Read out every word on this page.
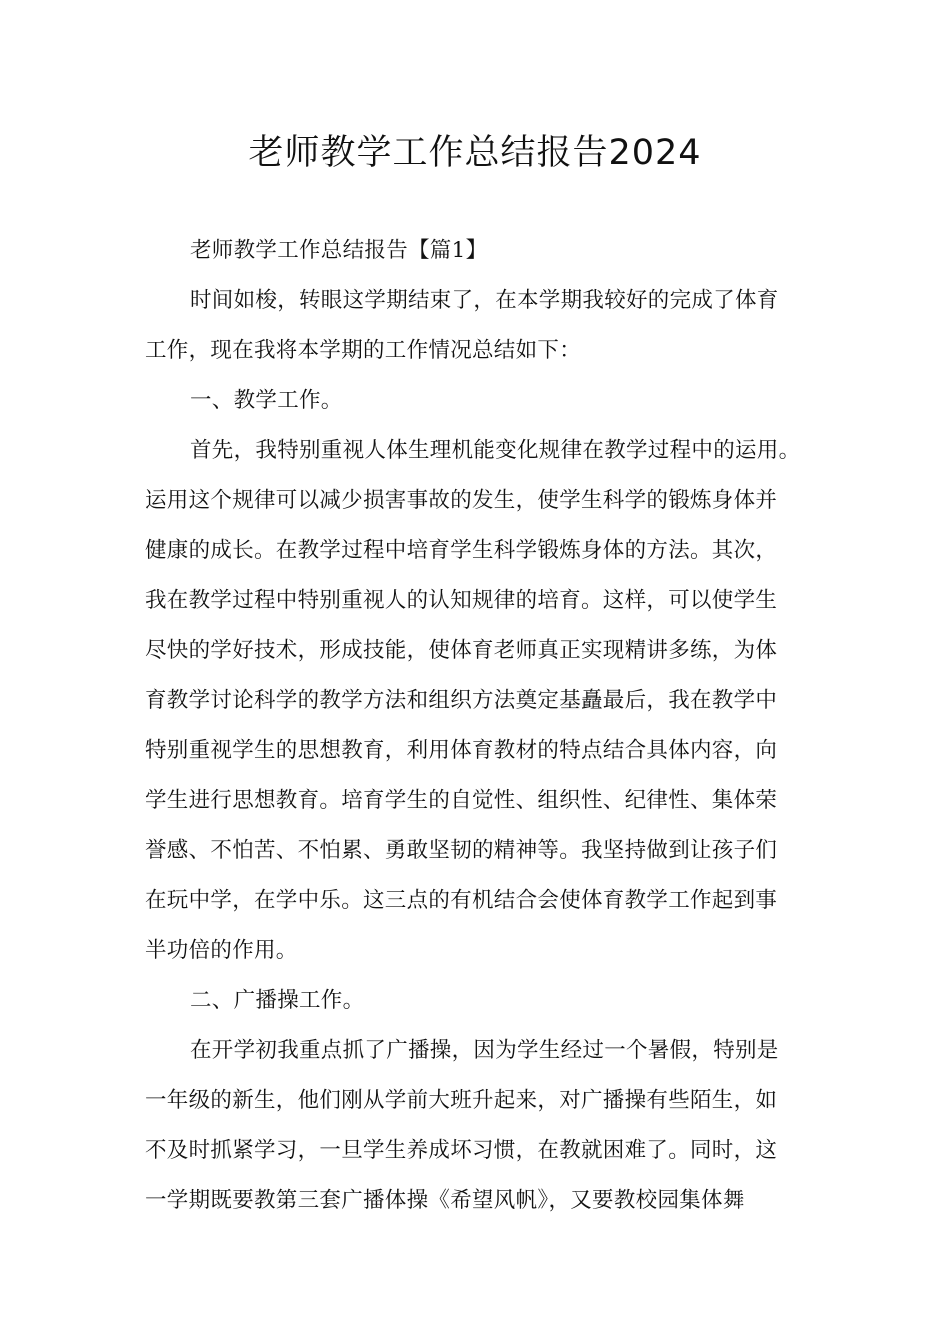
老师教学工作总结报告2024
老师教学工作总结报告【篇1】
时间如梭，转眼这学期结束了，在本学期我较好的完成了体育
工作，现在我将本学期的工作情况总结如下：
一、教学工作。
首先，我特别重视人体生理机能变化规律在教学过程中的运用。
运用这个规律可以减少损害事故的发生，使学生科学的锻炼身体并
健康的成长。在教学过程中培育学生科学锻炼身体的方法。其次，
我在教学过程中特别重视人的认知规律的培育。这样，可以使学生
尽快的学好技术，形成技能，使体育老师真正实现精讲多练，为体
育教学讨论科学的教学方法和组织方法奠定基矗最后，我在教学中
特别重视学生的思想教育，利用体育教材的特点结合具体内容，向
学生进行思想教育。培育学生的自觉性、组织性、纪律性、集体荣
誉感、不怕苦、不怕累、勇敢坚韧的精神等。我坚持做到让孩子们
在玩中学，在学中乐。这三点的有机结合会使体育教学工作起到事
半功倍的作用。
二、广播操工作。
在开学初我重点抓了广播操，因为学生经过一个暑假，特别是
一年级的新生，他们刚从学前大班升起来，对广播操有些陌生，如
不及时抓紧学习，一旦学生养成坏习惯，在教就困难了。同时，这
一学期既要教第三套广播体操《希望风帆》，又要教校园集体舞
